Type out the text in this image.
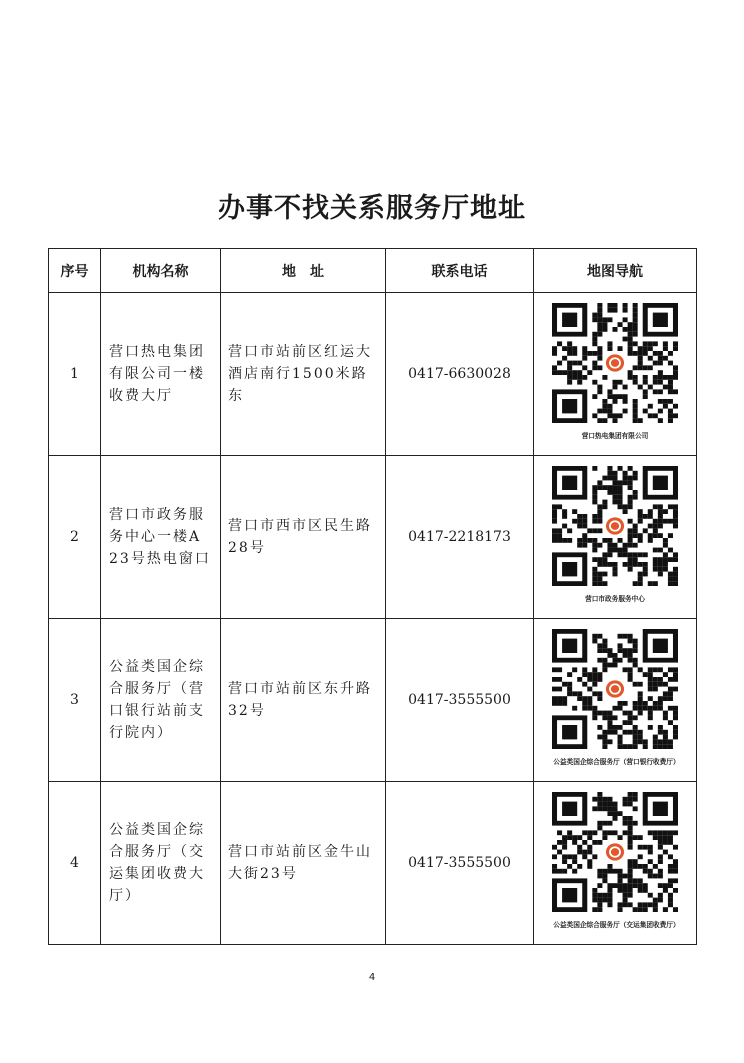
办事不找关系服务厅地址
序号	机构名称	地　址	联系电话	地图导航
1	营口热电集团有限公司一楼收费大厅	营口市站前区红运大酒店南行1500米路东	0417-6630028	营口热电集团有限公司

2	营口市政务服务中心一楼A23号热电窗口	营口市西市区民生路28号	0417-2218173	营口市政务服务中心

3	公益类国企综合服务厅（营口银行站前支行院内）	营口市站前区东升路32号	0417-3555500	公益类国企综合服务厅（营口银行收费厅）

4	公益类国企综合服务厅（交运集团收费大厅）	营口市站前区金牛山大街23号	0417-3555500	公益类国企综合服务厅（交运集团收费厅）
4
